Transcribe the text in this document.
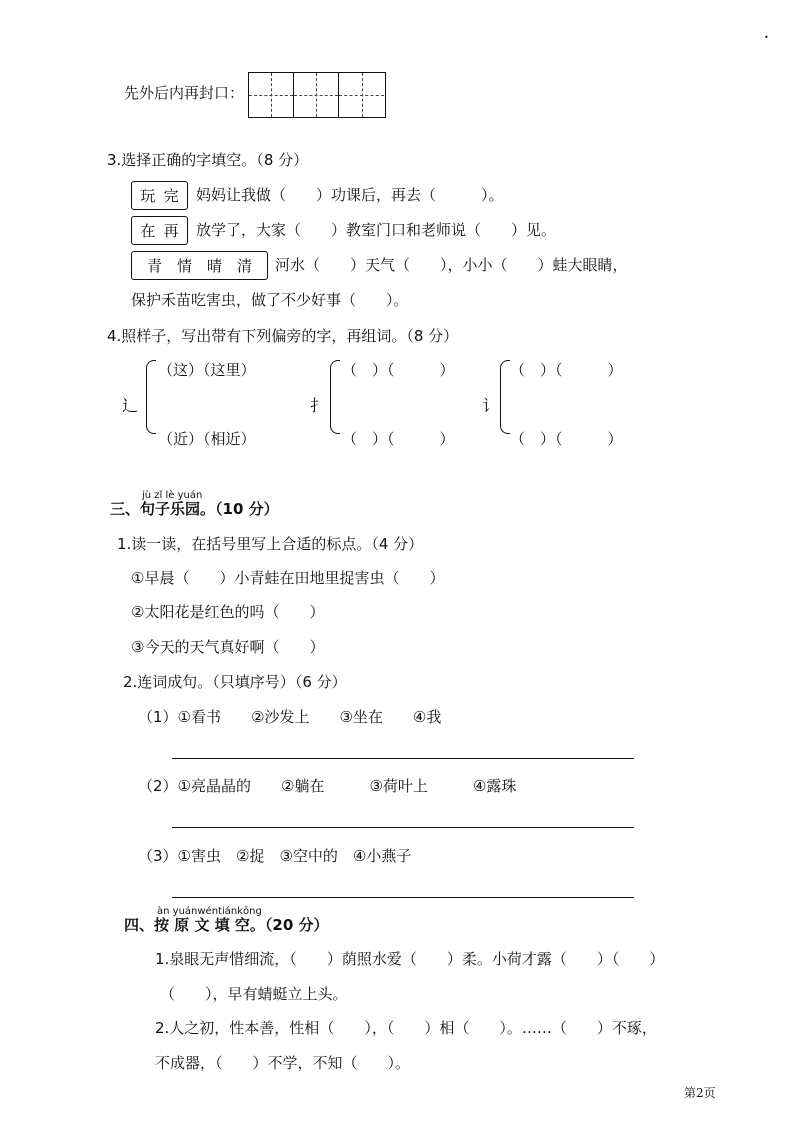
•
先外后内再封口：
3.选择正确的字填空。（8 分）
玩 完 妈妈让我做（　　）功课后，再去（　　　）。
在 再 放学了，大家（　　）教室门口和老师说（　　）见。
青 情 晴 清 河水（　　）天气（　　），小小（　　）蛙大眼睛，
保护禾苗吃害虫，做了不少好事（　　）。
4.照样子，写出带有下列偏旁的字，再组词。（8 分）
辶
（这）（这里）
（近）（相近）
扌
（　）（　　　）
（　）（　　　）
讠
（　）（　　　）
（　）（　　　）
jù zǐ lè yuán
三、句子乐园。（10 分）
1.读一读，在括号里写上合适的标点。（4 分）
①早晨（　　）小青蛙在田地里捉害虫（　　）
②太阳花是红色的吗（　　）
③今天的天气真好啊（　　）
2.连词成句。（只填序号）（6 分）
（1）①看书　　②沙发上　　③坐在　　④我
（2）①亮晶晶的　　②躺在　　　③荷叶上　　　④露珠
（3）①害虫　②捉　③空中的　④小燕子
àn yuánwéntiánkōng
四、按 原 文 填 空。（20 分）
1.泉眼无声惜细流，（　　）荫照水爱（　　）柔。小荷才露（　　）（　　）
（　　），早有蜻蜓立上头。
2.人之初，性本善，性相（　　），（　　）相（　　）。……（　　）不琢，
不成器，（　　）不学，不知（　　）。
第2页
